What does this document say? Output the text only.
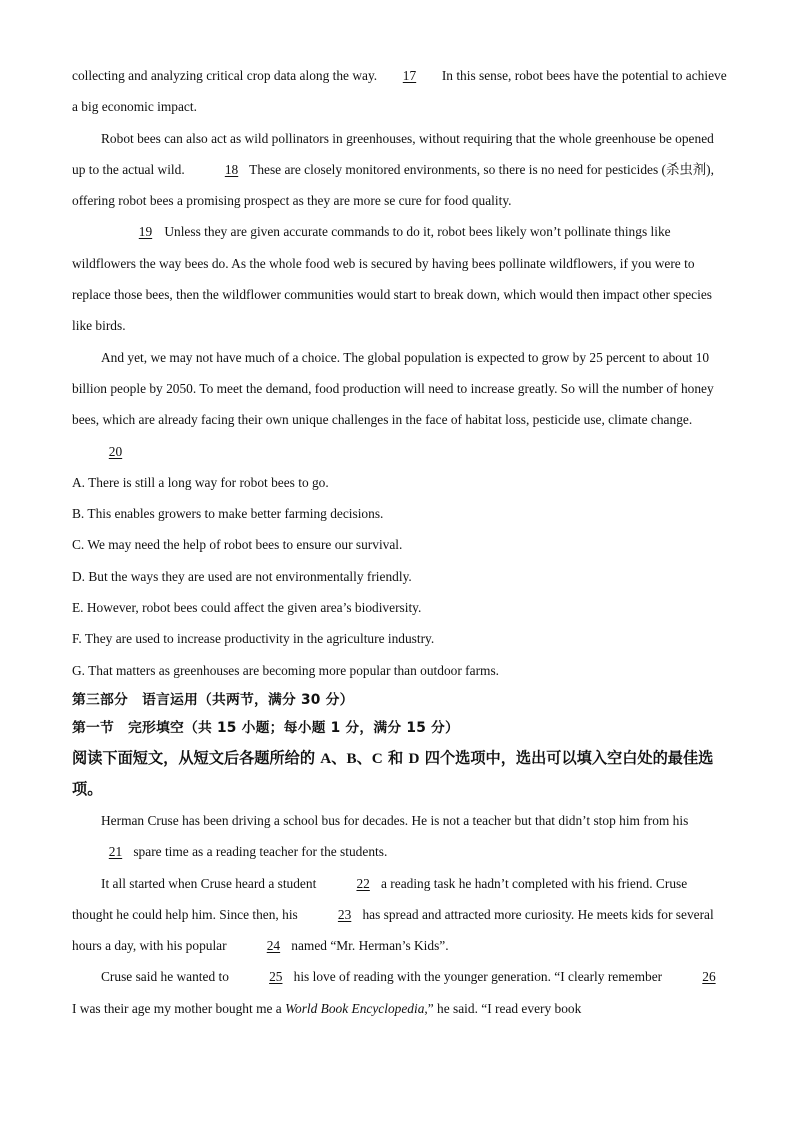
collecting and analyzing critical crop data along the way. 17 In this sense, robot bees have the potential to achieve a big economic impact.

Robot bees can also act as wild pollinators in greenhouses, without requiring that the whole greenhouse be opened up to the actual wild.	18 These are closely monitored environments, so there is no need for pesticides (杀虫剂), offering robot bees a promising prospect as they are more se cure for food quality.

19 Unless they are given accurate commands to do it, robot bees likely won’t pollinate things like wildflowers the way bees do. As the whole food web is secured by having bees pollinate wildflowers, if you were to replace those bees, then the wildflower communities would start to break down, which would then impact other species like birds.

And yet, we may not have much of a choice. The global population is expected to grow by 25 percent to about 10 billion people by 2050. To meet the demand, food production will need to increase greatly. So will the number of honey bees, which are already facing their own unique challenges in the face of habitat loss, pesticide use, climate change. 20

A. There is still a long way for robot bees to go.

B. This enables growers to make better farming decisions.

C. We may need the help of robot bees to ensure our survival.

D. But the ways they are used are not environmentally friendly.

E. However, robot bees could affect the given area’s biodiversity.

F. They are used to increase productivity in the agriculture industry.

G. That matters as greenhouses are becoming more popular than outdoor farms.

第三部分 语言运用（共两节，满分 30 分）

第一节 完形填空（共 15 小题；每小题 1 分，满分 15 分）

阅读下面短文，从短文后各题所给的 A、B、C 和 D 四个选项中，选出可以填入空白处的最佳选项。

Herman Cruse has been driving a school bus for decades. He is not a teacher but that didn’t stop him from his 21 spare time as a reading teacher for the students.

It all started when Cruse heard a student	22 a reading task he hadn’t completed with his friend. Cruse thought he could help him. Since then, his	23 has spread and attracted more curiosity. He meets kids for several hours a day, with his popular	24 named “Mr. Herman’s Kids”.

Cruse said he wanted to	25 his love of reading with the younger generation. “I clearly remember	26 I was their age my mother bought me a World Book Encyclopedia,” he said. “I read every book
